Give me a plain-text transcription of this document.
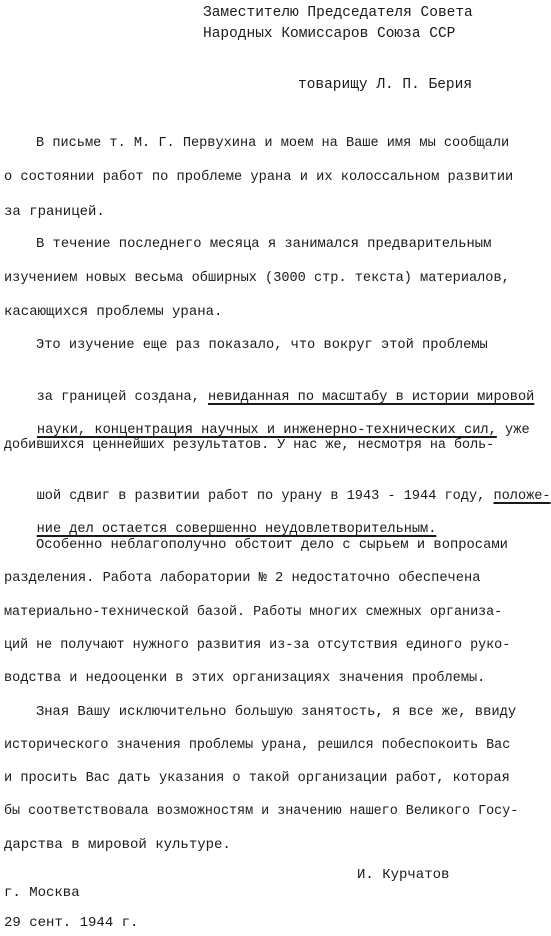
Заместителю Председателя Совета
Народных Комиссаров Союза ССР
товарищу Л. П. Берия
В письме т. М. Г. Первухина и моем на Ваше имя мы сообщали
о состоянии работ по проблеме урана и их колоссальном развитии
за границей.
В течение последнего месяца я занимался предварительным
изучением новых весьма обширных (3000 стр. текста) материалов,
касающихся проблемы урана.
Это изучение еще раз показало, что вокруг этой проблемы

за границей создана, невиданная по масштабу в истории мировой

науки, концентрация научных и инженерно-технических сил, уже

добившихся ценнейших результатов. У нас же, несмотря на боль-

шой сдвиг в развитии работ по урану в 1943 - 1944 году, положе-

ние дел остается совершенно неудовлетворительным.

Особенно неблагополучно обстоит дело с сырьем и вопросами
разделения. Работа лаборатории № 2 недостаточно обеспечена
материально-технической базой. Работы многих смежных организа-
ций не получают нужного развития из-за отсутствия единого руко-
водства и недооценки в этих организациях значения проблемы.
Зная Вашу исключительно большую занятость, я все же, ввиду
исторического значения проблемы урана, решился побеспокоить Вас
и просить Вас дать указания о такой организации работ, которая
бы соответствовала возможностям и значению нашего Великого Госу-
дарства в мировой культуре.
И. Курчатов
г. Москва
29 сент. 1944 г.
